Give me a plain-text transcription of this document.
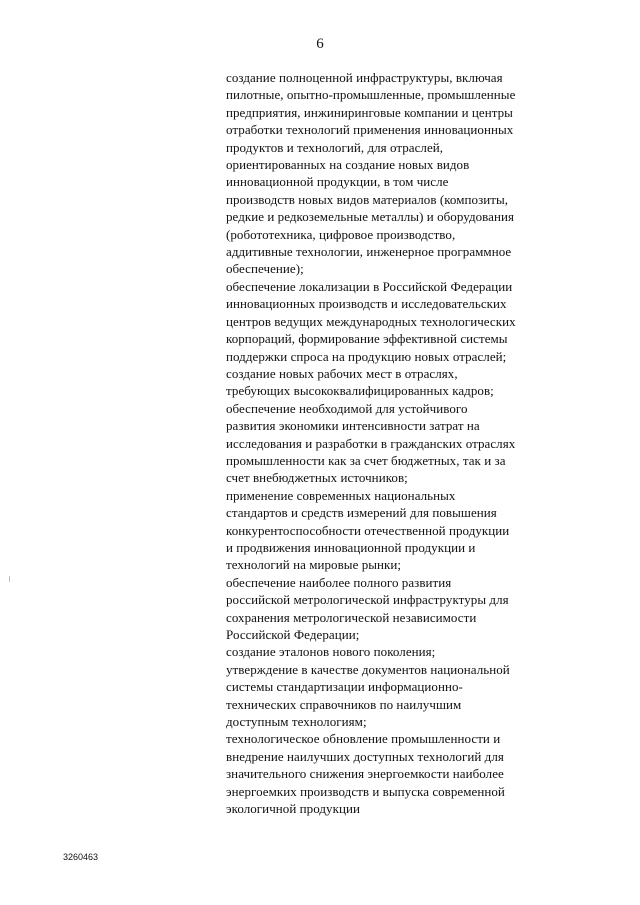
6
создание полноценной инфраструктуры, включая
пилотные, опытно-промышленные, промышленные
предприятия, инжиниринговые компании и центры
отработки технологий применения инновационных
продуктов и технологий, для отраслей,
ориентированных на создание новых видов
инновационной продукции, в том числе
производств новых видов материалов (композиты,
редкие и редкоземельные металлы) и оборудования
(робототехника, цифровое производство,
аддитивные технологии, инженерное программное
обеспечение);
обеспечение локализации в Российской Федерации
инновационных производств и исследовательских
центров ведущих международных технологических
корпораций, формирование эффективной системы
поддержки спроса на продукцию новых отраслей;
создание новых рабочих мест в отраслях,
требующих высококвалифицированных кадров;
обеспечение необходимой для устойчивого
развития экономики интенсивности затрат на
исследования и разработки в гражданских отраслях
промышленности как за счет бюджетных, так и за
счет внебюджетных источников;
применение современных национальных
стандартов и средств измерений для повышения
конкурентоспособности отечественной продукции
и продвижения инновационной продукции и
технологий на мировые рынки;
обеспечение наиболее полного развития
российской метрологической инфраструктуры для
сохранения метрологической независимости
Российской Федерации;
создание эталонов нового поколения;
утверждение в качестве документов национальной
системы стандартизации информационно-
технических справочников по наилучшим
доступным технологиям;
технологическое обновление промышленности и
внедрение наилучших доступных технологий для
значительного снижения энергоемкости наиболее
энергоемких производств и выпуска современной
экологичной продукции
3260463
